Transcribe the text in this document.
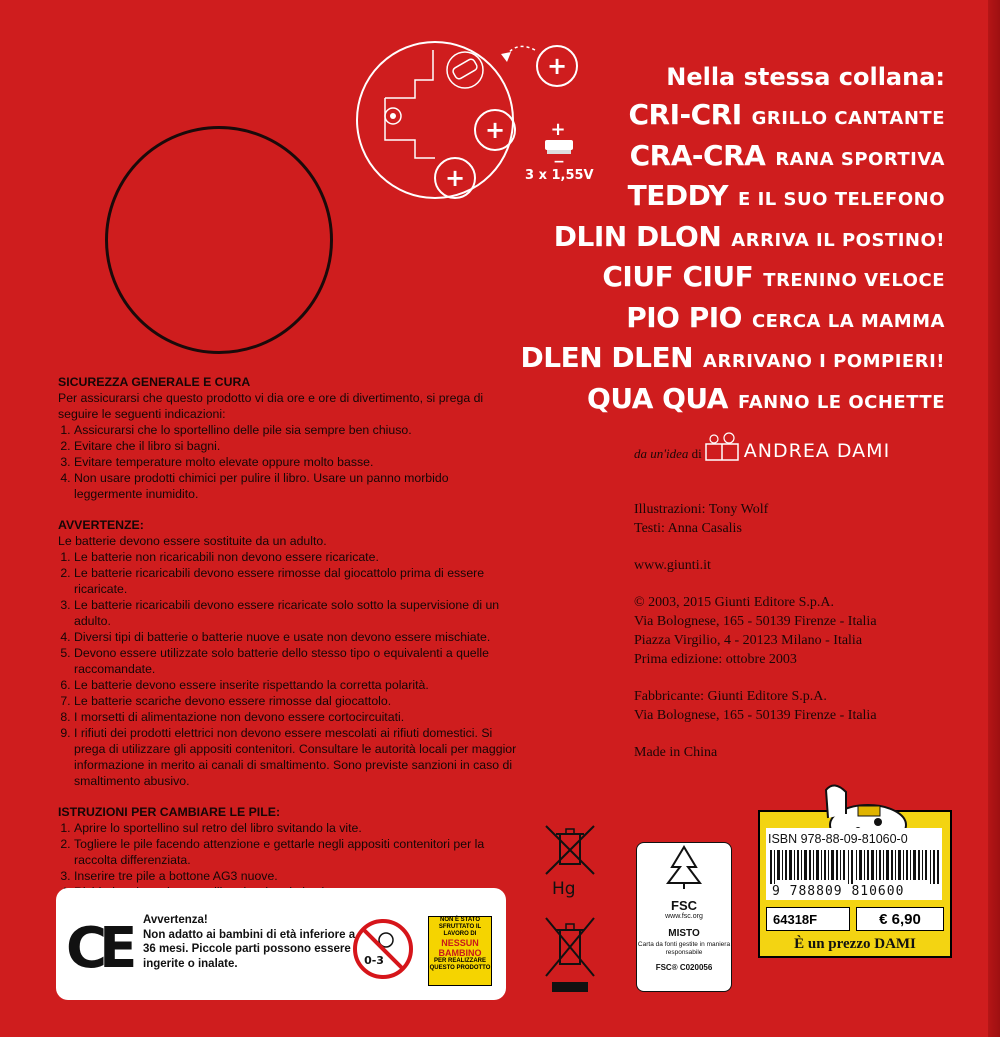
+
+
+
+
−
3 x 1,55V
Nella stessa collana:
CRI-CRI GRILLO CANTANTE
CRA-CRA RANA SPORTIVA
TEDDY E IL SUO TELEFONO
DLIN DLON ARRIVA IL POSTINO!
CIUF CIUF TRENINO VELOCE
PIO PIO CERCA LA MAMMA
DLEN DLEN ARRIVANO I POMPIERI!
QUA QUA FANNO LE OCHETTE
SICUREZZA GENERALE E CURA
Per assicurarsi che questo prodotto vi dia ore e ore di divertimento, si prega di seguire le seguenti indicazioni:
1. Assicurarsi che lo sportellino delle pile sia sempre ben chiuso.
2. Evitare che il libro si bagni.
3. Evitare temperature molto elevate oppure molto basse.
4. Non usare prodotti chimici per pulire il libro. Usare un panno morbido leggermente inumidito.
AVVERTENZE:
Le batterie devono essere sostituite da un adulto.
1. Le batterie non ricaricabili non devono essere ricaricate.
2. Le batterie ricaricabili devono essere rimosse dal giocattolo prima di essere ricaricate.
3. Le batterie ricaricabili devono essere ricaricate solo sotto la supervisione di un adulto.
4. Diversi tipi di batterie o batterie nuove e usate non devono essere mischiate.
5. Devono essere utilizzate solo batterie dello stesso tipo o equivalenti a quelle raccomandate.
6. Le batterie devono essere inserite rispettando la corretta polarità.
7. Le batterie scariche devono essere rimosse dal giocattolo.
8. I morsetti di alimentazione non devono essere cortocircuitati.
9. I rifiuti dei prodotti elettrici non devono essere mescolati ai rifiuti domestici. Si prega di utilizzare gli appositi contenitori. Consultare le autorità locali per maggior informazione in merito ai canali di smaltimento. Sono previste sanzioni in caso di smaltimento abusivo.
ISTRUZIONI PER CAMBIARE LE PILE:
1. Aprire lo sportellino sul retro del libro svitando la vite.
2. Togliere le pile facendo attenzione e gettarle negli appositi contenitori per la raccolta differenziata.
3. Inserire tre pile a bottone AG3 nuove.
4.
da un'idea
di ANDREA DAMI
Illustrazioni: Tony Wolf
Testi: Anna Casalis
www.giunti.it
© 2003, 2015 Giunti Editore S.p.A.
Via Bolognese, 165 - 50139 Firenze - Italia
Piazza Virgilio, 4 - 20123 Milano - Italia
Prima edizione: ottobre 2003
Fabbricante: Giunti Editore S.p.A.
Via Bolognese, 165 - 50139 Firenze - Italia
Made in China
CE Avvertenza!
Non adatto ai bambini di età inferiore a 36 mesi. Piccole parti possono essere ingerite o inalate.	0-3
NON È STATO SFRUTTATO IL LAVORO DI
NESSUN BAMBINO
PER REALIZZARE QUESTO PRODOTTO
Hg
FSC
www.fsc.org
MISTO
Carta da fonti gestite in maniera responsabile
FSC® C020056
ISBN 978-88-09-81060-0
9 788809 810600
64318F	€ 6,90
È un prezzo DAMI
